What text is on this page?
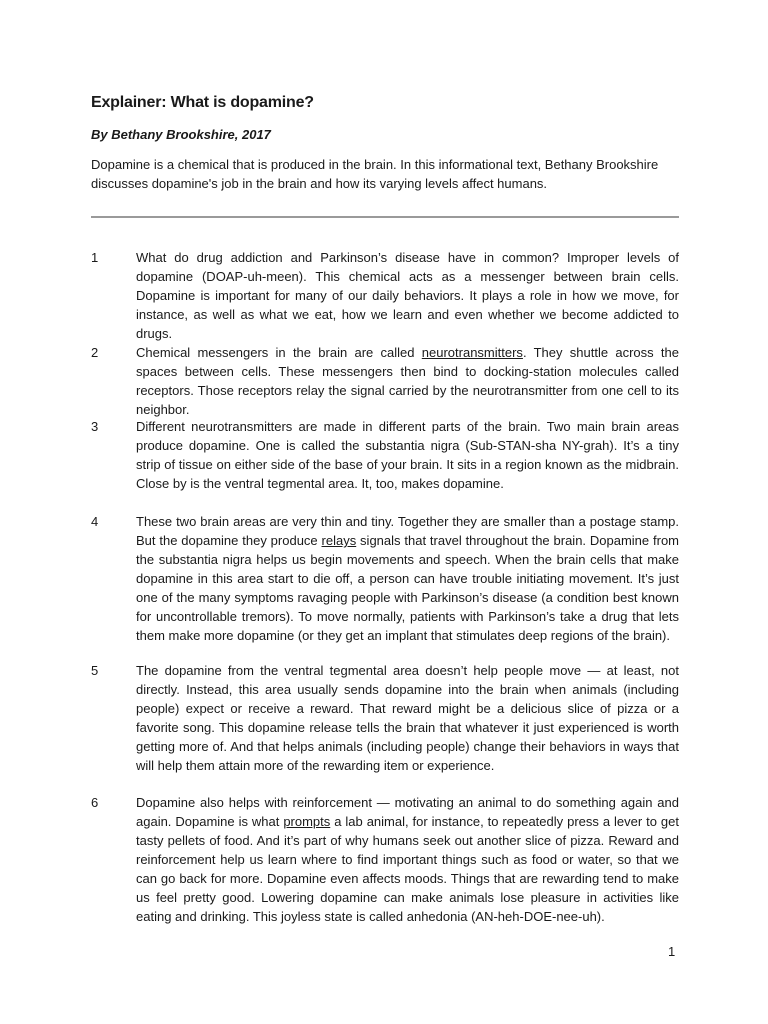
Explainer: What is dopamine?
By Bethany Brookshire, 2017
Dopamine is a chemical that is produced in the brain. In this informational text, Bethany Brookshire discusses dopamine's job in the brain and how its varying levels affect humans.
1	What do drug addiction and Parkinson’s disease have in common? Improper levels of dopamine (DOAP-uh-meen). This chemical acts as a messenger between brain cells. Dopamine is important for many of our daily behaviors. It plays a role in how we move, for instance, as well as what we eat, how we learn and even whether we become addicted to drugs.
2	Chemical messengers in the brain are called neurotransmitters. They shuttle across the spaces between cells. These messengers then bind to docking-station molecules called receptors. Those receptors relay the signal carried by the neurotransmitter from one cell to its neighbor.
3	Different neurotransmitters are made in different parts of the brain. Two main brain areas produce dopamine. One is called the substantia nigra (Sub-STAN-sha NY-grah). It’s a tiny strip of tissue on either side of the base of your brain. It sits in a region known as the midbrain. Close by is the ventral tegmental area. It, too, makes dopamine.
4	These two brain areas are very thin and tiny. Together they are smaller than a postage stamp. But the dopamine they produce relays signals that travel throughout the brain. Dopamine from the substantia nigra helps us begin movements and speech. When the brain cells that make dopamine in this area start to die off, a person can have trouble initiating movement. It’s just one of the many symptoms ravaging people with Parkinson’s disease (a condition best known for uncontrollable tremors). To move normally, patients with Parkinson’s take a drug that lets them make more dopamine (or they get an implant that stimulates deep regions of the brain).
5	The dopamine from the ventral tegmental area doesn’t help people move — at least, not directly. Instead, this area usually sends dopamine into the brain when animals (including people) expect or receive a reward. That reward might be a delicious slice of pizza or a favorite song. This dopamine release tells the brain that whatever it just experienced is worth getting more of. And that helps animals (including people) change their behaviors in ways that will help them attain more of the rewarding item or experience.
6	Dopamine also helps with reinforcement — motivating an animal to do something again and again. Dopamine is what prompts a lab animal, for instance, to repeatedly press a lever to get tasty pellets of food. And it’s part of why humans seek out another slice of pizza. Reward and reinforcement help us learn where to find important things such as food or water, so that we can go back for more. Dopamine even affects moods. Things that are rewarding tend to make us feel pretty good. Lowering dopamine can make animals lose pleasure in activities like eating and drinking. This joyless state is called anhedonia (AN-heh-DOE-nee-uh).
1
